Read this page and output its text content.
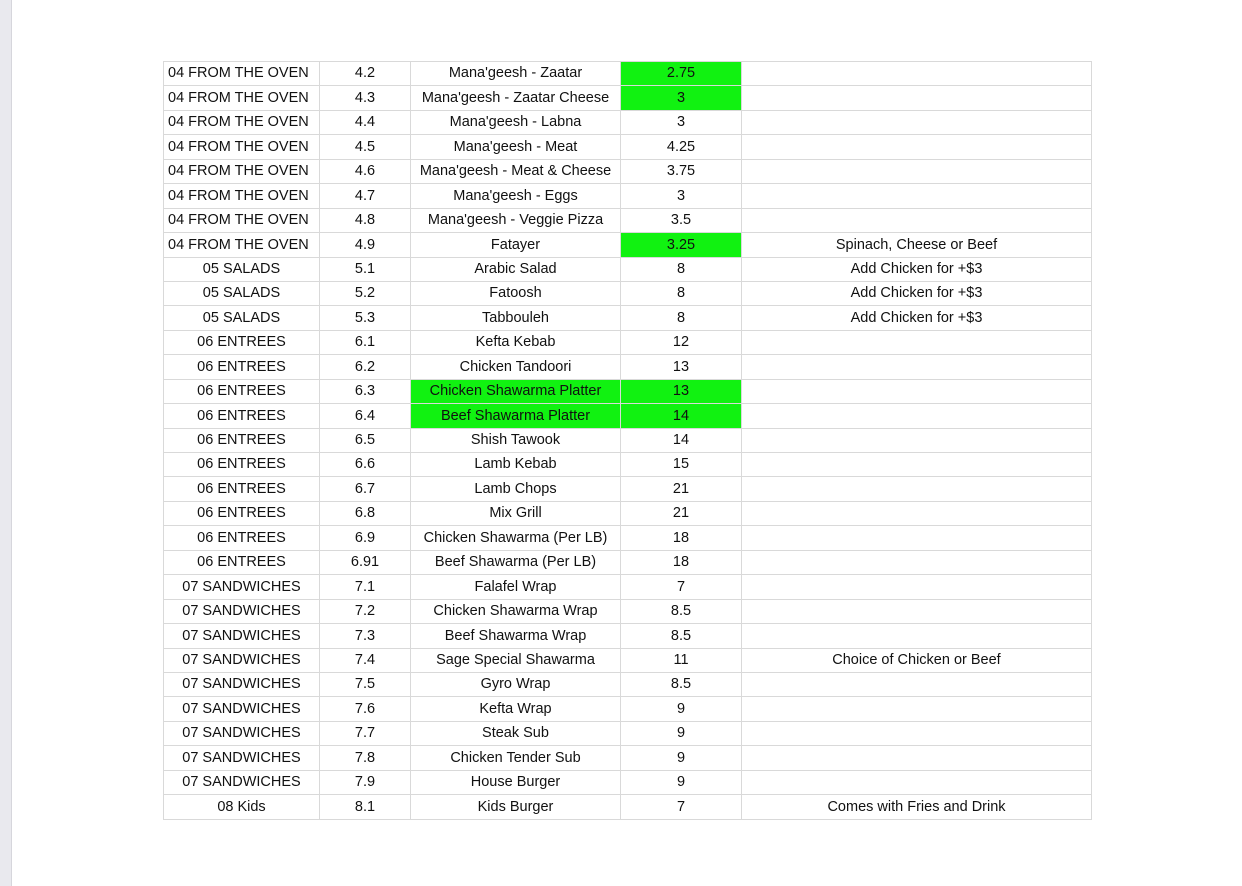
04 FROM THE OVEN	4.2	Mana'geesh - Zaatar	2.75	
04 FROM THE OVEN	4.3	Mana'geesh - Zaatar Cheese	3	
04 FROM THE OVEN	4.4	Mana'geesh - Labna	3	
04 FROM THE OVEN	4.5	Mana'geesh - Meat	4.25	
04 FROM THE OVEN	4.6	Mana'geesh - Meat & Cheese	3.75	
04 FROM THE OVEN	4.7	Mana'geesh - Eggs	3	
04 FROM THE OVEN	4.8	Mana'geesh - Veggie Pizza	3.5	
04 FROM THE OVEN	4.9	Fatayer	3.25	Spinach, Cheese or Beef
05 SALADS	5.1	Arabic Salad	8	Add Chicken for +$3
05 SALADS	5.2	Fatoosh	8	Add Chicken for +$3
05 SALADS	5.3	Tabbouleh	8	Add Chicken for +$3
06 ENTREES	6.1	Kefta Kebab	12	
06 ENTREES	6.2	Chicken Tandoori	13	
06 ENTREES	6.3	Chicken Shawarma Platter	13	
06 ENTREES	6.4	Beef Shawarma Platter	14	
06 ENTREES	6.5	Shish Tawook	14	
06 ENTREES	6.6	Lamb Kebab	15	
06 ENTREES	6.7	Lamb Chops	21	
06 ENTREES	6.8	Mix Grill	21	
06 ENTREES	6.9	Chicken Shawarma (Per LB)	18	
06 ENTREES	6.91	Beef Shawarma (Per LB)	18	
07 SANDWICHES	7.1	Falafel Wrap	7	
07 SANDWICHES	7.2	Chicken Shawarma Wrap	8.5	
07 SANDWICHES	7.3	Beef Shawarma Wrap	8.5	
07 SANDWICHES	7.4	Sage Special Shawarma	11	Choice of Chicken or Beef
07 SANDWICHES	7.5	Gyro Wrap	8.5	
07 SANDWICHES	7.6	Kefta Wrap	9	
07 SANDWICHES	7.7	Steak Sub	9	
07 SANDWICHES	7.8	Chicken Tender Sub	9	
07 SANDWICHES	7.9	House Burger	9	
08 Kids	8.1	Kids Burger	7	Comes with Fries and Drink
